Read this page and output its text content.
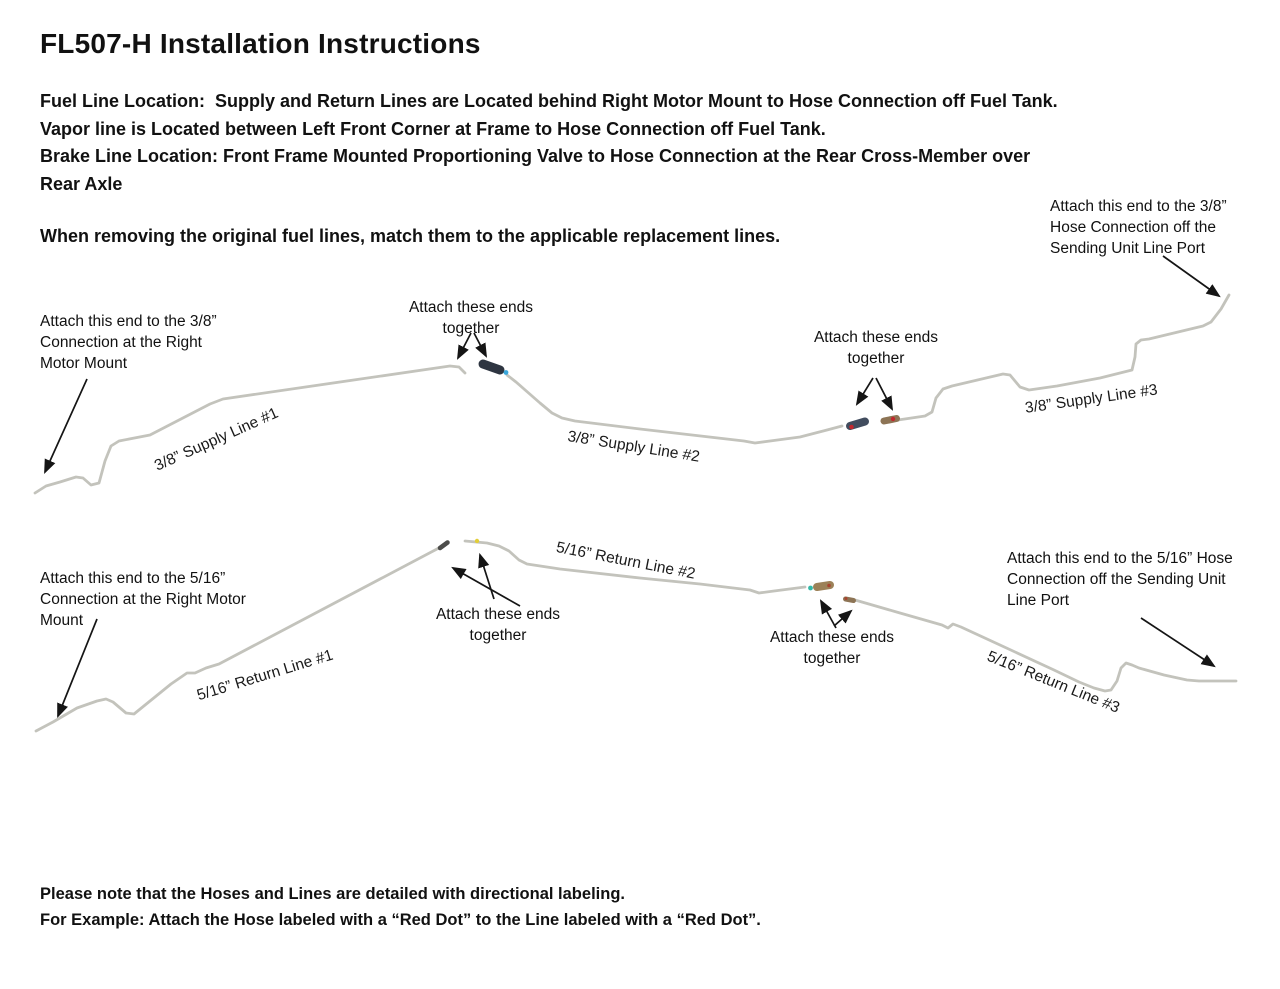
FL507-H Installation Instructions
Fuel Line Location:  Supply and Return Lines are Located behind Right Motor Mount to Hose Connection off Fuel Tank.
Vapor line is Located between Left Front Corner at Frame to Hose Connection off Fuel Tank.
Brake Line Location: Front Frame Mounted Proportioning Valve to Hose Connection at the Rear Cross-Member over
Rear Axle
When removing the original fuel lines, match them to the applicable replacement lines.
Attach this end to the 3/8” Connection at the Right Motor Mount
Attach these ends together
Attach these ends together
Attach this end to the 3/8” Hose Connection off the Sending Unit Line Port
Attach this end to the 5/16” Connection at the Right Motor Mount	Attach these ends together	Attach these ends together
Attach this end to the 5/16” Hose Connection off the Sending Unit Line Port
3/8” Supply Line #1	3/8” Supply Line #2
3/8” Supply Line #3
5/16” Return Line #1
5/16” Return Line #2
5/16” Return Line #3
Please note that the Hoses and Lines are detailed with directional labeling.
For Example: Attach the Hose labeled with a “Red Dot” to the Line labeled with a “Red Dot”.
